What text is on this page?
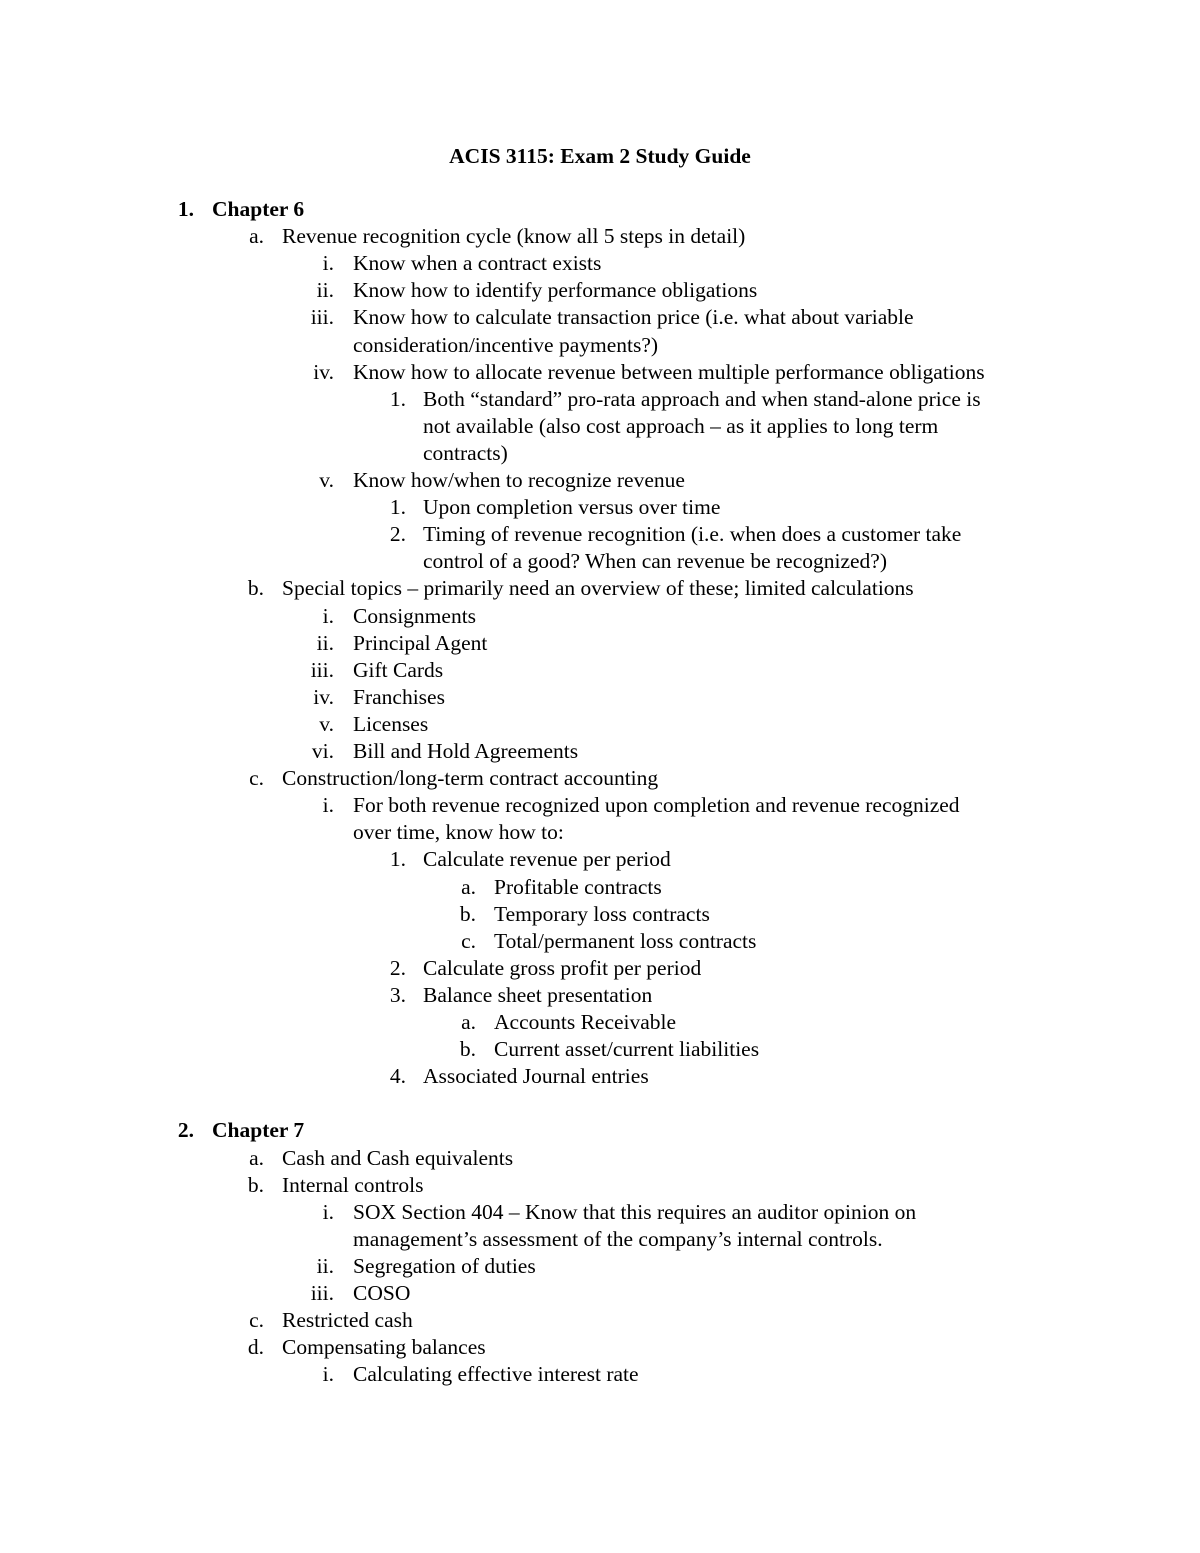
ACIS 3115: Exam 2 Study Guide
1. Chapter 6
a. Revenue recognition cycle (know all 5 steps in detail)
i. Know when a contract exists
ii. Know how to identify performance obligations
iii. Know how to calculate transaction price (i.e. what about variable
consideration/incentive payments?)
iv. Know how to allocate revenue between multiple performance obligations
1. Both “standard” pro-rata approach and when stand-alone price is
not available (also cost approach – as it applies to long term
contracts)
v. Know how/when to recognize revenue
1. Upon completion versus over time
2. Timing of revenue recognition (i.e. when does a customer take
control of a good? When can revenue be recognized?)
b. Special topics – primarily need an overview of these; limited calculations
i. Consignments
ii. Principal Agent
iii. Gift Cards
iv. Franchises
v. Licenses
vi. Bill and Hold Agreements
c. Construction/long-term contract accounting
i. For both revenue recognized upon completion and revenue recognized
over time, know how to:
1. Calculate revenue per period
a. Profitable contracts
b. Temporary loss contracts
c. Total/permanent loss contracts
2. Calculate gross profit per period
3. Balance sheet presentation
a. Accounts Receivable
b. Current asset/current liabilities
4. Associated Journal entries
2. Chapter 7
a. Cash and Cash equivalents
b. Internal controls
i. SOX Section 404 – Know that this requires an auditor opinion on
management’s assessment of the company’s internal controls.
ii. Segregation of duties
iii. COSO
c. Restricted cash
d. Compensating balances
i. Calculating effective interest rate
